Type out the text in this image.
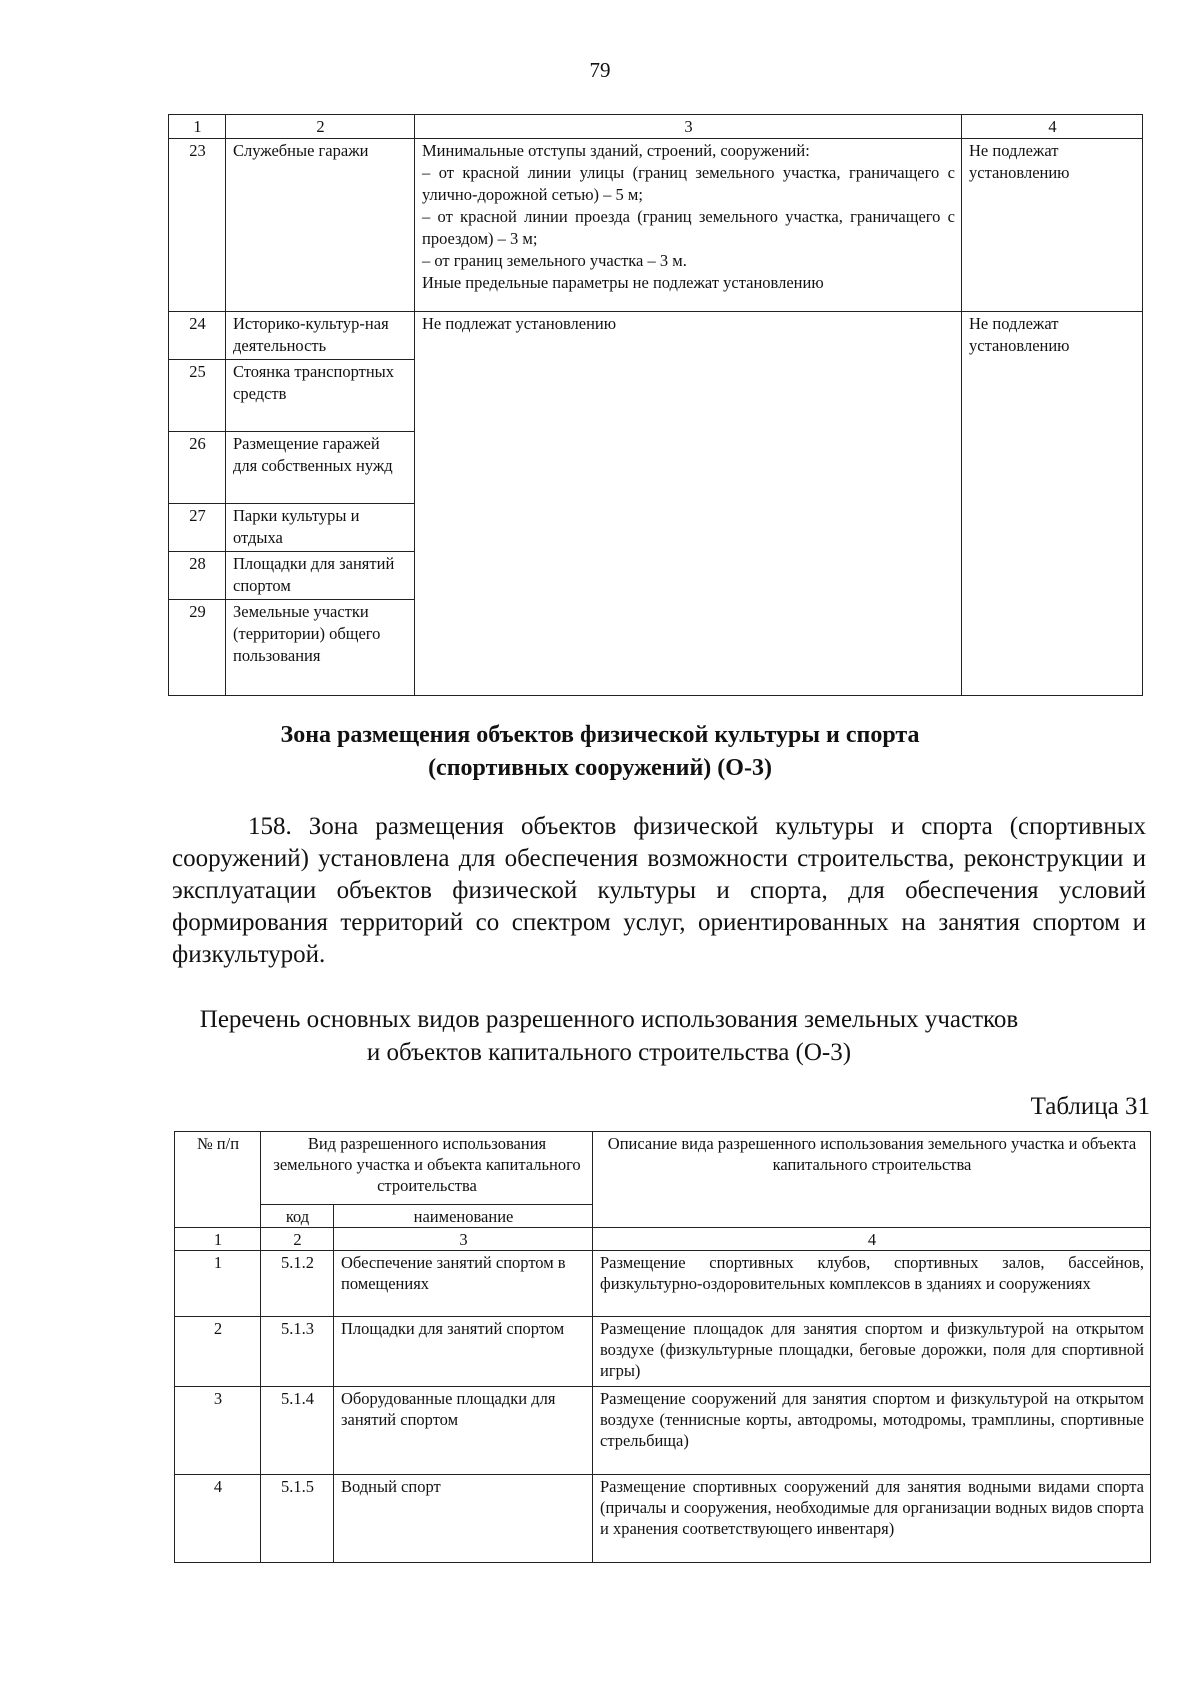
79
1	2	3	4
23	Служебные гаражи	Минимальные отступы зданий, строений, сооружений:
– от красной линии улицы (границ земельного участка, граничащего с улично-дорожной сетью) – 5 м;
– от красной линии проезда (границ земельного участка, граничащего с проездом) – 3 м;
– от границ земельного участка – 3 м.
Иные предельные параметры не подлежат установлению	Не подлежат установлению
24	Историко-культур-ная деятельность	Не подлежат установлению	Не подлежат установлению
25	Стоянка транспортных средств		
26	Размещение гаражей для собственных нужд		
27	Парки культуры и отдыха		
28	Площадки для занятий спортом		
29	Земельные участки (территории) общего пользования		
Зона размещения объектов физической культуры и спорта
(спортивных сооружений) (О-3)
158. Зона размещения объектов физической культуры и спорта (спортивных сооружений) установлена для обеспечения возможности строительства, реконструкции и эксплуатации объектов физической культуры и спорта, для обеспечения условий формирования территорий со спектром услуг, ориентированных на занятия спортом и физкультурой.
Перечень основных видов разрешенного использования земельных участков
и объектов капитального строительства (О-3)
Таблица 31
№ п/п	Вид разрешенного использования земельного участка и объекта капитального строительства		Описание вида разрешенного использования земельного участка и объекта капитального строительства
	код	наименование	
1	2	3	4
1	5.1.2	Обеспечение занятий спортом в помещениях	Размещение спортивных клубов, спортивных залов, бассейнов, физкультурно-оздоровительных комплексов в зданиях и сооружениях
2	5.1.3	Площадки для занятий спортом	Размещение площадок для занятия спортом и физкультурой на открытом воздухе (физкультурные площадки, беговые дорожки, поля для спортивной игры)
3	5.1.4	Оборудованные площадки для занятий спортом	Размещение сооружений для занятия спортом и физкультурой на открытом воздухе (теннисные корты, автодромы, мотодромы, трамплины, спортивные стрельбища)
4	5.1.5	Водный спорт	Размещение спортивных сооружений для занятия водными видами спорта (причалы и сооружения, необходимые для организации водных видов спорта и хранения соответствующего инвентаря)
